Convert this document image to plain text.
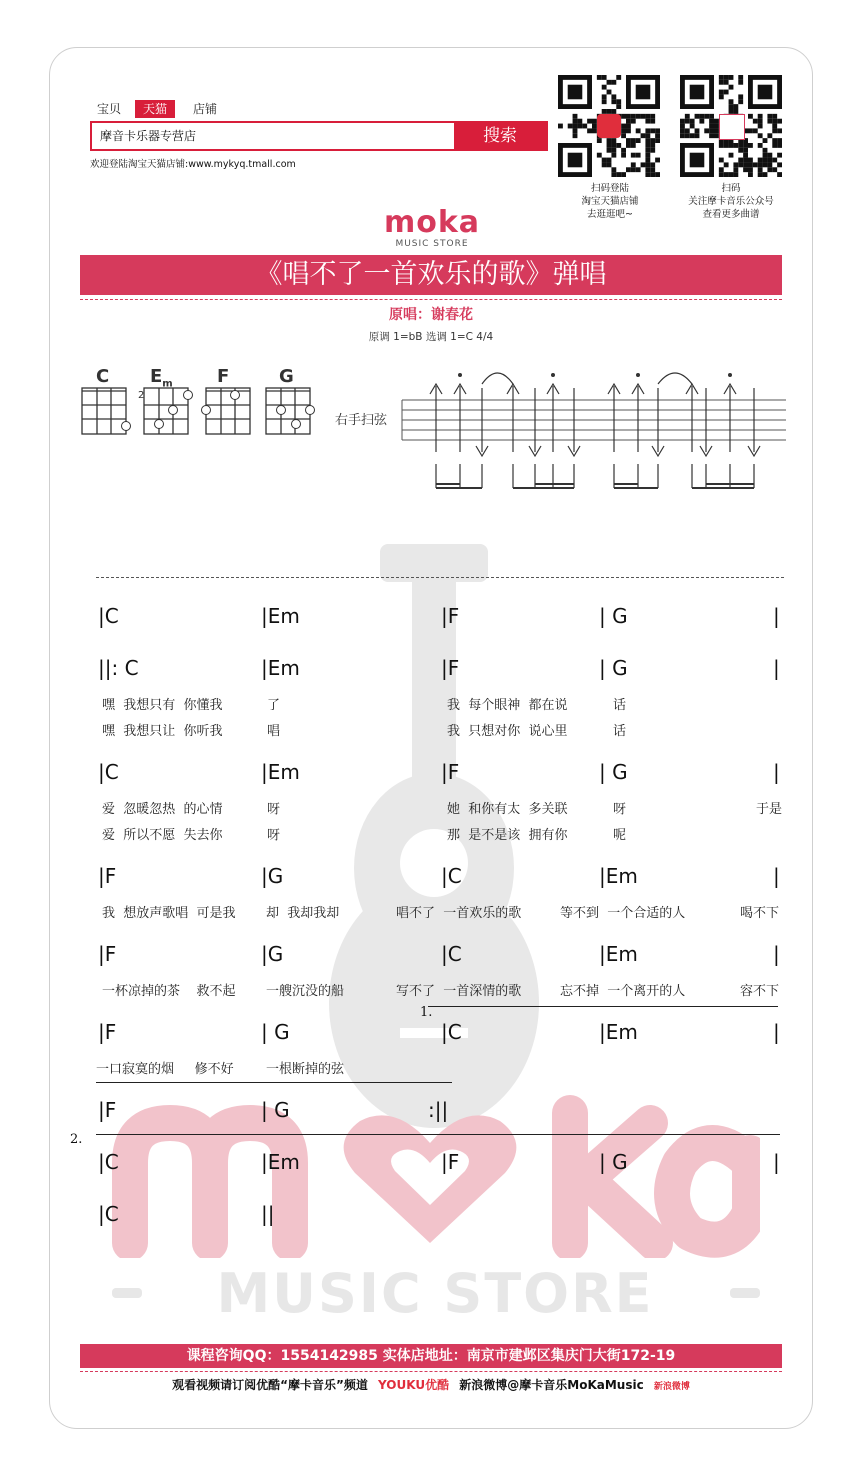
MUSIC STORE
宝贝	天猫	店铺
摩音卡乐器专营店	搜索
欢迎登陆淘宝天猫店铺:www.mykyq.tmall.com
扫码登陆
淘宝天猫店铺
去逛逛吧~
扫码
关注摩卡音乐公众号
查看更多曲谱
moka
MUSIC STORE
《唱不了一首欢乐的歌》弹唱
原唱：谢春花
原调 1=bB 选调 1=C 4/4
C $E_m$ F	G
2
右手扫弦
|C	|Em	|F	| G	|
||: C	|Em	|F	| G	|
|C	|Em	|F	| G	|
|F	|G	|C	|Em	|
|F	|G	|C	|Em	|
|F	| G	|C	|Em	|
|F	| G	:||
|C	|Em	|F	| G	|
|C	||
嘿  我想只有  你懂我	了	我  每个眼神  都在说	话
嘿  我想只让  你听我	唱	我  只想对你  说心里	话
爱  忽暖忽热  的心情	呀	她  和你有太  多关联	呀	于是
爱  所以不愿  失去你	呀	那  是不是该  拥有你	呢
我  想放声歌唱  可是我 却  我却我却	唱不了  一首欢乐的歌	等不到  一个合适的人	喝不下
一杯凉掉的茶    救不起 一艘沉没的船	写不了  一首深情的歌	忘不掉  一个离开的人	容不下
一口寂寞的烟     修不好 一根断掉的弦
1.
2.
课程咨询QQ：1554142985 实体店地址：南京市建邺区集庆门大街172-19
观看视频请订阅优酷“摩卡音乐”频道 YOUKU优酷 新浪微博@摩卡音乐MoKaMusic 新浪微博
